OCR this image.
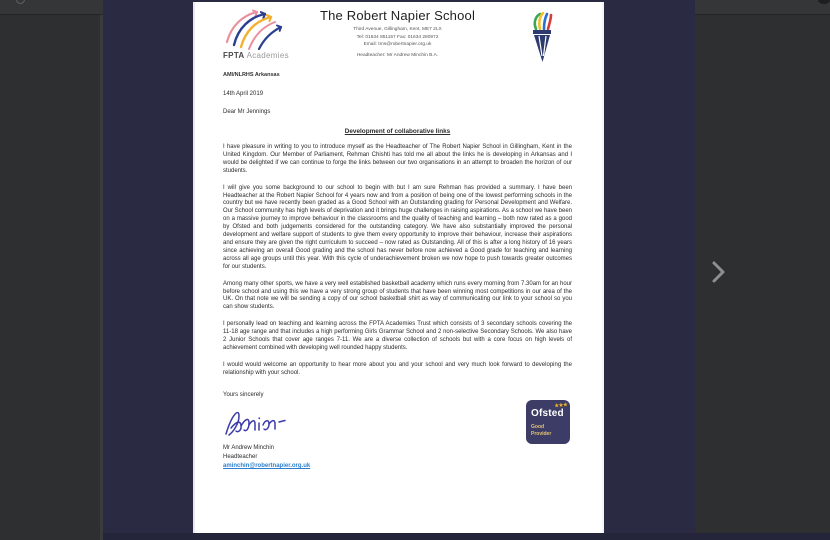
FPTA Academies
The Robert Napier School
Third Avenue, Gillingham, Kent, ME7 2LX
Tel: 01634 851157 Fax: 01634 280972
Email: trns@robertnapier.org.uk
Headteacher: Mr Andrew Minchin B.A.
AMI/NLRHS Arkansas
14th April 2019
Dear Mr Jennings
Development of collaborative links

I have pleasure in writing to you to introduce myself as the Headteacher of The Robert Napier School in Gillingham, Kent in the United Kingdom. Our Member of Parliament, Rehman Chishti has told me all about the links he is developing in Arkansas and I would be delighted if we can continue to forge the links between our two organisations in an attempt to broaden the horizon of our students.

I will give you some background to our school to begin with but I am sure Rehman has provided a summary. I have been Headteacher at the Robert Napier School for 4 years now and from a position of being one of the lowest performing schools in the country but we have recently been graded as a Good School with an Outstanding grading for Personal Development and Welfare. Our School community has high levels of deprivation and it brings huge challenges in raising aspirations. As a school we have been on a massive journey to improve behaviour in the classrooms and the quality of teaching and learning – both now rated as a good by Ofsted and both judgements considered for the outstanding category. We have also substantially improved the personal development and welfare support of students to give them every opportunity to improve their behaviour, increase their aspirations and ensure they are given the right curriculum to succeed – now rated as Outstanding. All of this is after a long history of 16 years since achieving an overall Good grading and the school has never before now achieved a Good grade for teaching and learning across all age groups until this year. With this cycle of underachievement broken we now hope to push towards greater outcomes for our students.

Among many other sports, we have a very well established basketball academy which runs every morning from 7.30am for an hour before school and using this we have a very strong group of students that have been winning most competitions in our area of the UK. On that note we will be sending a copy of our school basketball shirt as way of communicating our link to your school so you can show students.

I personally lead on teaching and learning across the FPTA Academies Trust which consists of 3 secondary schools covering the 11-18 age range and that includes a high performing Girls Grammar School and 2 non-selective Secondary Schools. We also have 2 Junior Schools that cover age ranges 7-11. We are a diverse collection of schools but with a core focus on high levels of achievement combined with developing well rounded happy students.

I would would welcome an opportunity to hear more about you and your school and very much look forward to developing the relationship with your school.

Yours sincerely
Mr Andrew Minchin
Headteacher
aminchin@robertnapier.org.uk
★★★
Ofsted
Good
Provider
